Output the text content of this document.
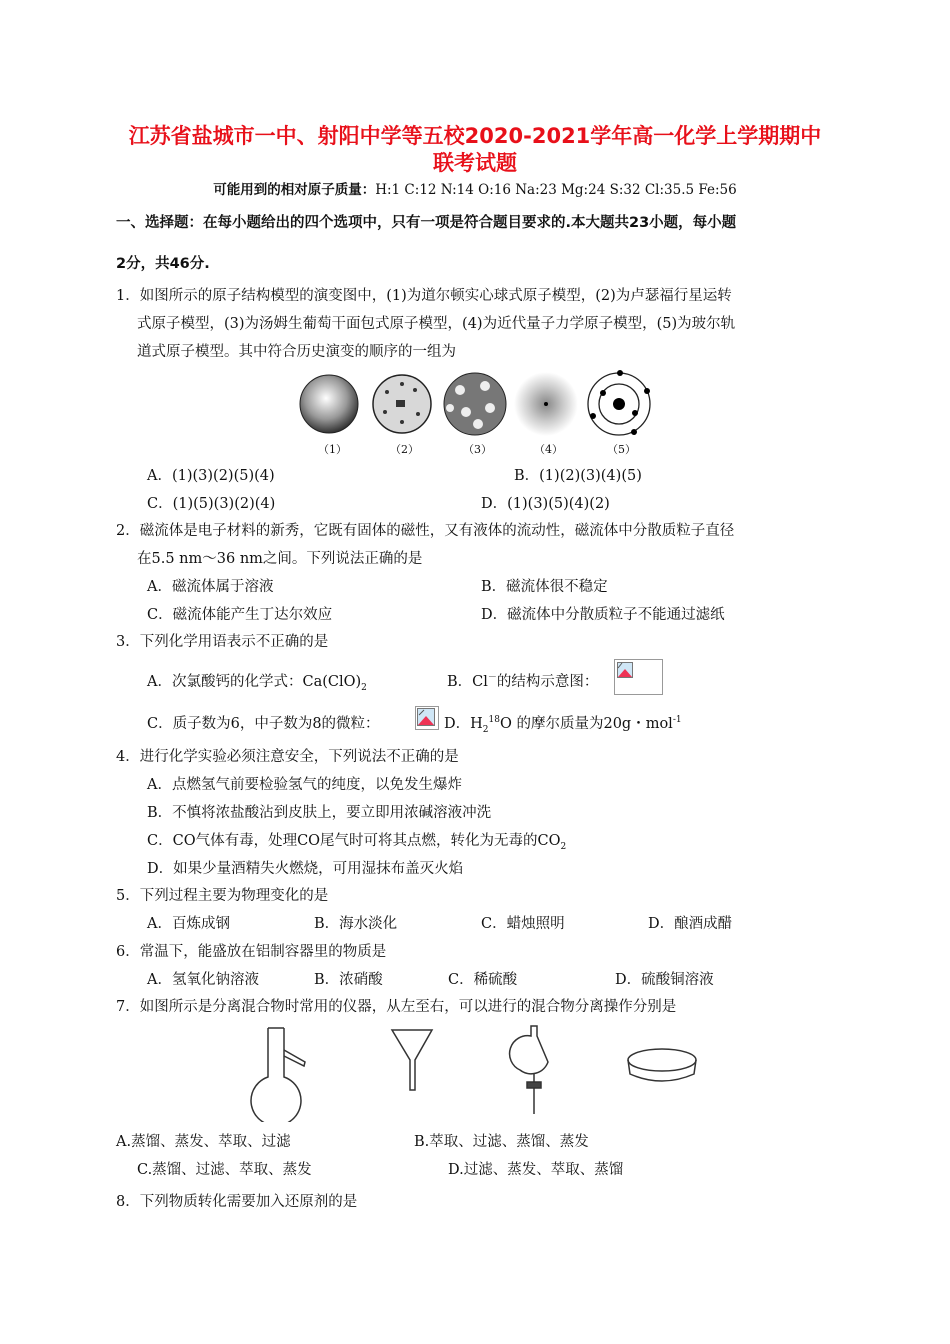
江苏省盐城市一中、射阳中学等五校2020-2021学年高一化学上学期期中
联考试题
可能用到的相对原子质量：H:1 C:12 N:14 O:16 Na:23 Mg:24 S:32 Cl:35.5 Fe:56
一、选择题：在每小题给出的四个选项中，只有一项是符合题目要求的.本大题共23小题，每小题
2分，共46分.
1．如图所示的原子结构模型的演变图中，(1)为道尔顿实心球式原子模型，(2)为卢瑟福行星运转
式原子模型，(3)为汤姆生葡萄干面包式原子模型，(4)为近代量子力学原子模型，(5)为玻尔轨
道式原子模型。其中符合历史演变的顺序的一组为
（1）	（2）	（3）	（4）	（5）
A．(1)(3)(2)(5)(4)	B．(1)(2)(3)(4)(5)
C．(1)(5)(3)(2)(4)	D．(1)(3)(5)(4)(2)
2．磁流体是电子材料的新秀，它既有固体的磁性，又有液体的流动性，磁流体中分散质粒子直径
在5.5 nm～36 nm之间。下列说法正确的是
A．磁流体属于溶液	B．磁流体很不稳定
C．磁流体能产生丁达尔效应	D．磁流体中分散质粒子不能通过滤纸
3．下列化学用语表示不正确的是
A．次氯酸钙的化学式：$Ca(ClO)_2$	B．Cl－的结构示意图：
C．质子数为6，中子数为8的微粒：	D．$H_2^{18}O$ 的摩尔质量为20g・mol$^{-1}$
4．进行化学实验必须注意安全，下列说法不正确的是
A．点燃氢气前要检验氢气的纯度，以免发生爆炸
B．不慎将浓盐酸沾到皮肤上，要立即用浓碱溶液冲洗
C．CO气体有毒，处理CO尾气时可将其点燃，转化为无毒的$CO_2$
D．如果少量酒精失火燃烧，可用湿抹布盖灭火焰
5．下列过程主要为物理变化的是
A．百炼成钢	B．海水淡化	C．蜡烛照明	D．酿酒成醋
6．常温下，能盛放在铝制容器里的物质是
A．氢氧化钠溶液	B．浓硝酸	C．稀硫酸	D．硫酸铜溶液
7．如图所示是分离混合物时常用的仪器，从左至右，可以进行的混合物分离操作分别是
A.蒸馏、蒸发、萃取、过滤	B.萃取、过滤、蒸馏、蒸发
C.蒸馏、过滤、萃取、蒸发	D.过滤、蒸发、萃取、蒸馏
8．下列物质转化需要加入还原剂的是
